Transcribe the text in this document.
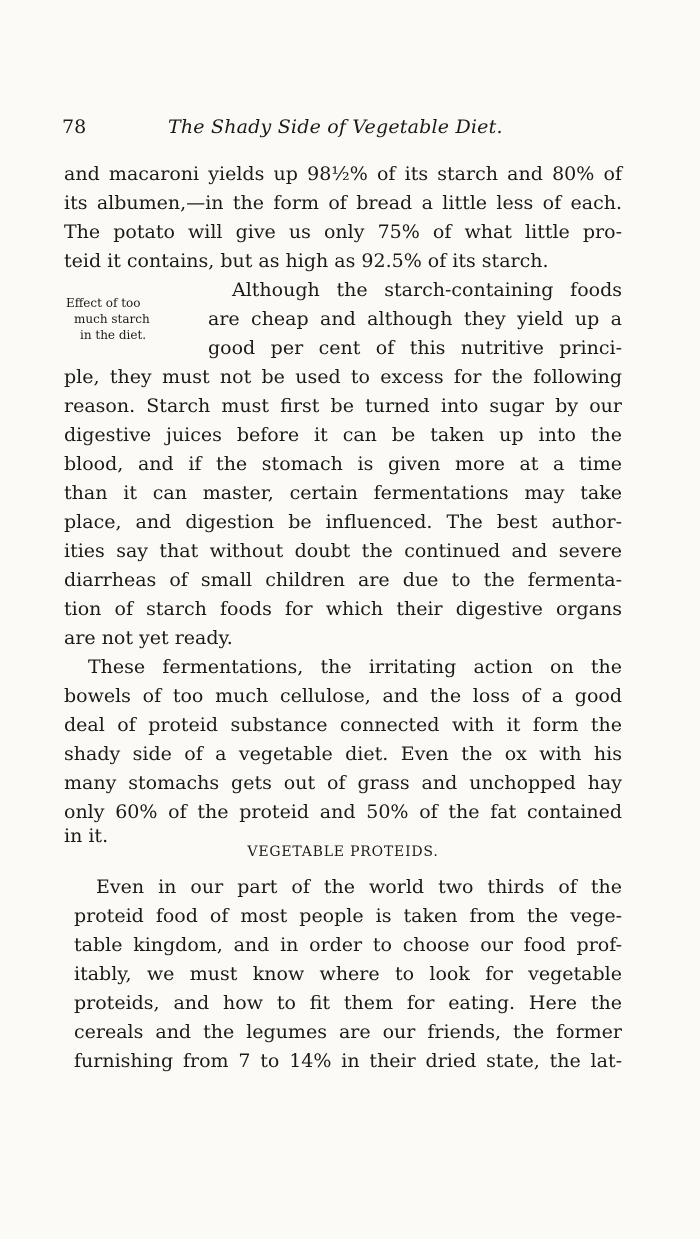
78	The Shady Side of Vegetable Diet.
Effect of too
much starch
in the diet.
and macaroni yields up 98½% of its starch and 80% of
its albumen,—in the form of bread a little less of each.
The potato will give us only 75% of what little pro-
teid it contains, but as high as 92.5% of its starch.
Although the starch-containing foods
are cheap and although they yield up a
good per cent of this nutritive princi-
ple, they must not be used to excess for the following
reason. Starch must first be turned into sugar by our
digestive juices before it can be taken up into the
blood, and if the stomach is given more at a time
than it can master, certain fermentations may take
place, and digestion be influenced. The best author-
ities say that without doubt the continued and severe
diarrheas of small children are due to the fermenta-
tion of starch foods for which their digestive organs
are not yet ready.
These fermentations, the irritating action on the
bowels of too much cellulose, and the loss of a good
deal of proteid substance connected with it form the
shady side of a vegetable diet. Even the ox with his
many stomachs gets out of grass and unchopped hay
only 60% of the proteid and 50% of the fat contained
in it.
VEGETABLE PROTEIDS.
Even in our part of the world two thirds of the
proteid food of most people is taken from the vege-
table kingdom, and in order to choose our food prof-
itably, we must know where to look for vegetable
proteids, and how to fit them for eating. Here the
cereals and the legumes are our friends, the former
furnishing from 7 to 14% in their dried state, the lat-
